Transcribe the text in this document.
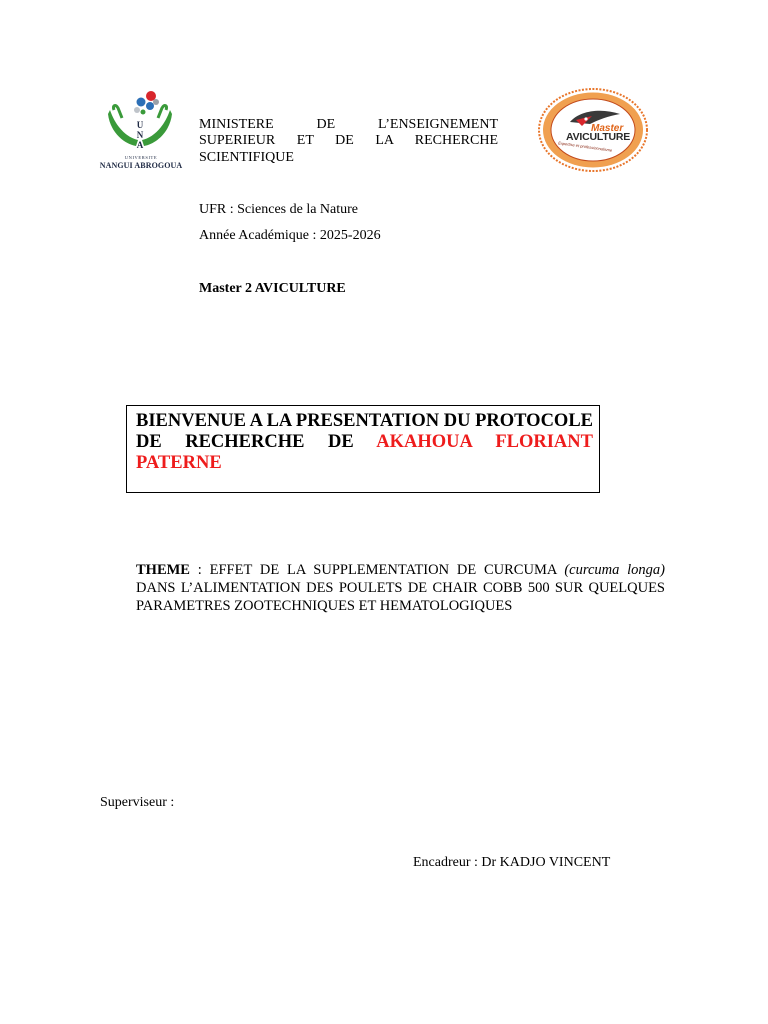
U
N
A
UNIVERSITE
NANGUI ABROGOUA
MINISTERE DE L’ENSEIGNEMENT SUPERIEUR ET DE LA RECHERCHE SCIENTIFIQUE
Master
AVICULTURE
Expertise et professionnalisme
UFR : Sciences de la Nature
Année Académique : 2025-2026
Master 2 AVICULTURE
BIENVENUE A LA PRESENTATION DU PROTOCOLE DE RECHERCHE DE AKAHOUA FLORIANT PATERNE
THEME : EFFET DE LA SUPPLEMENTATION DE CURCUMA (curcuma longa) DANS L’ALIMENTATION DES POULETS DE CHAIR COBB 500 SUR QUELQUES PARAMETRES ZOOTECHNIQUES ET HEMATOLOGIQUES
Superviseur :
Encadreur : Dr KADJO VINCENT
